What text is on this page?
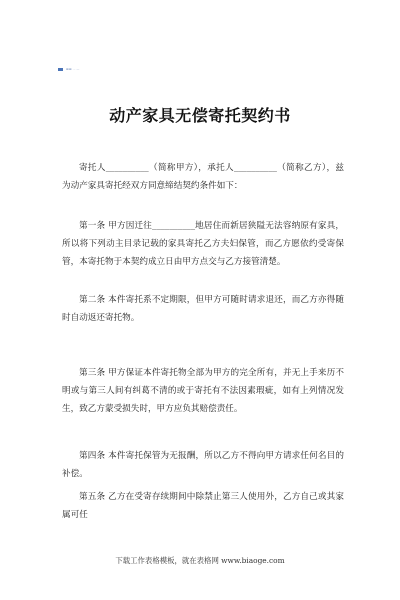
▬▬ ··· —
动产家具无偿寄托契约书

寄托人__________（简称甲方），承托人__________（简称乙方），兹为动产家具寄托经双方同意缔结契约条件如下：

第一条 甲方因迁往__________地居住而新居狭隘无法容纳原有家具，所以将下列动主目录记载的家具寄托乙方夫妇保管，而乙方愿依约受寄保管，本寄托物于本契约成立日由甲方点交与乙方接管清楚。

第二条 本件寄托系不定期限，但甲方可随时请求退还，而乙方亦得随时自动返还寄托物。

第三条 甲方保证本件寄托物全部为甲方的完全所有，并无上手来历不明或与第三人间有纠葛不清的或于寄托有不法因素瑕疵，如有上列情况发生，致乙方蒙受损失时，甲方应负其赔偿责任。

第四条 本件寄托保管为无报酬，所以乙方不得向甲方请求任何名目的补偿。

第五条 乙方在受寄存续期间中除禁止第三人使用外，乙方自己或其家属可任

下载工作表格模板，就在表格网 www.biaoge.com
